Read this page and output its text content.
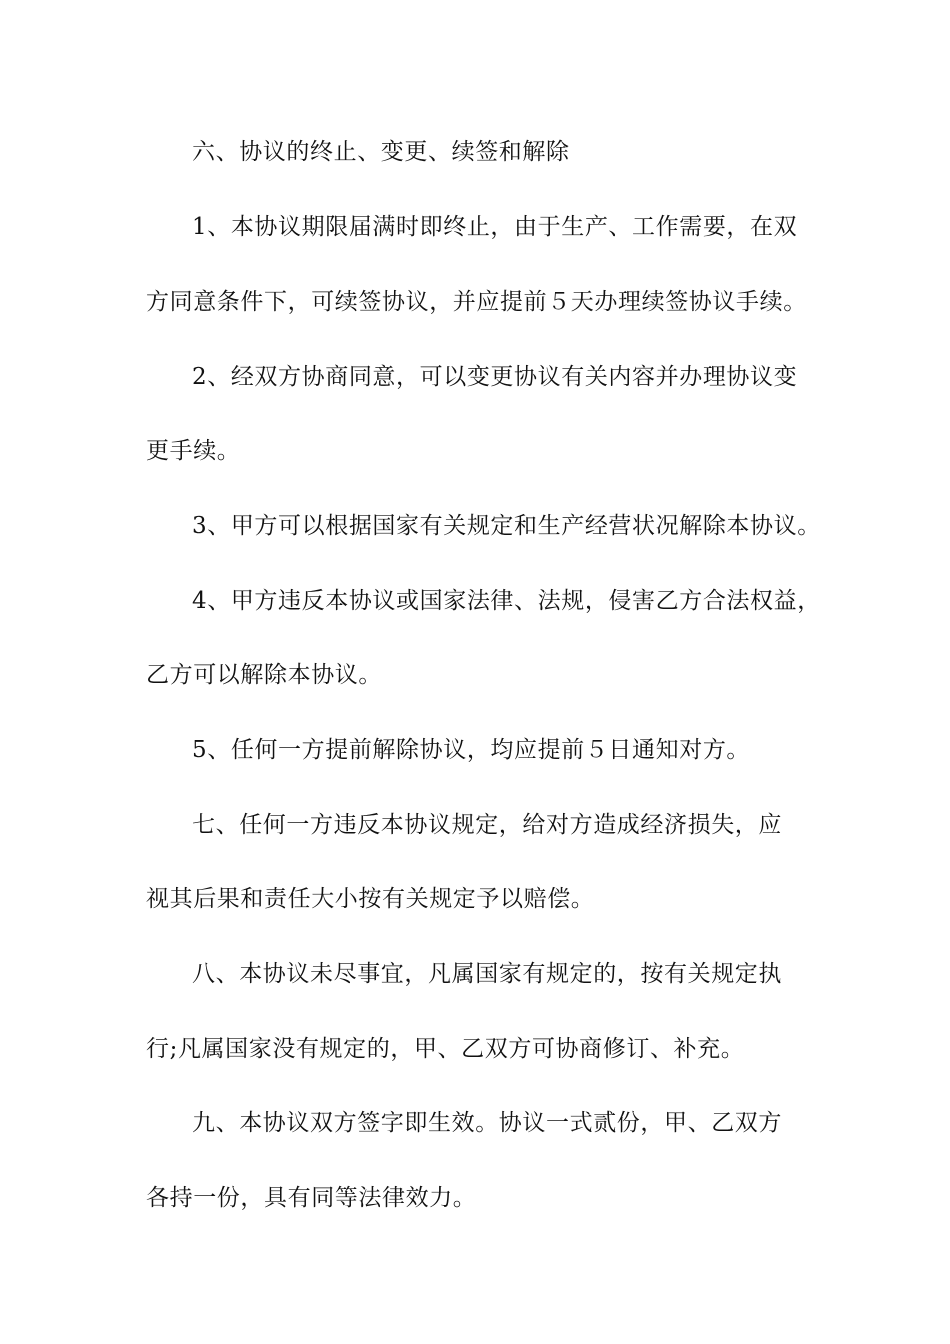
六、协议的终止、变更、续签和解除
1、本协议期限届满时即终止，由于生产、工作需要，在双
方同意条件下，可续签协议，并应提前５天办理续签协议手续。
2、经双方协商同意，可以变更协议有关内容并办理协议变
更手续。
3、甲方可以根据国家有关规定和生产经营状况解除本协议。
4、甲方违反本协议或国家法律、法规，侵害乙方合法权益，
乙方可以解除本协议。
5、任何一方提前解除协议，均应提前５日通知对方。
七、任何一方违反本协议规定，给对方造成经济损失，应
视其后果和责任大小按有关规定予以赔偿。
八、本协议未尽事宜，凡属国家有规定的，按有关规定执
行;凡属国家没有规定的，甲、乙双方可协商修订、补充。
九、本协议双方签字即生效。协议一式贰份，甲、乙双方
各持一份，具有同等法律效力。
